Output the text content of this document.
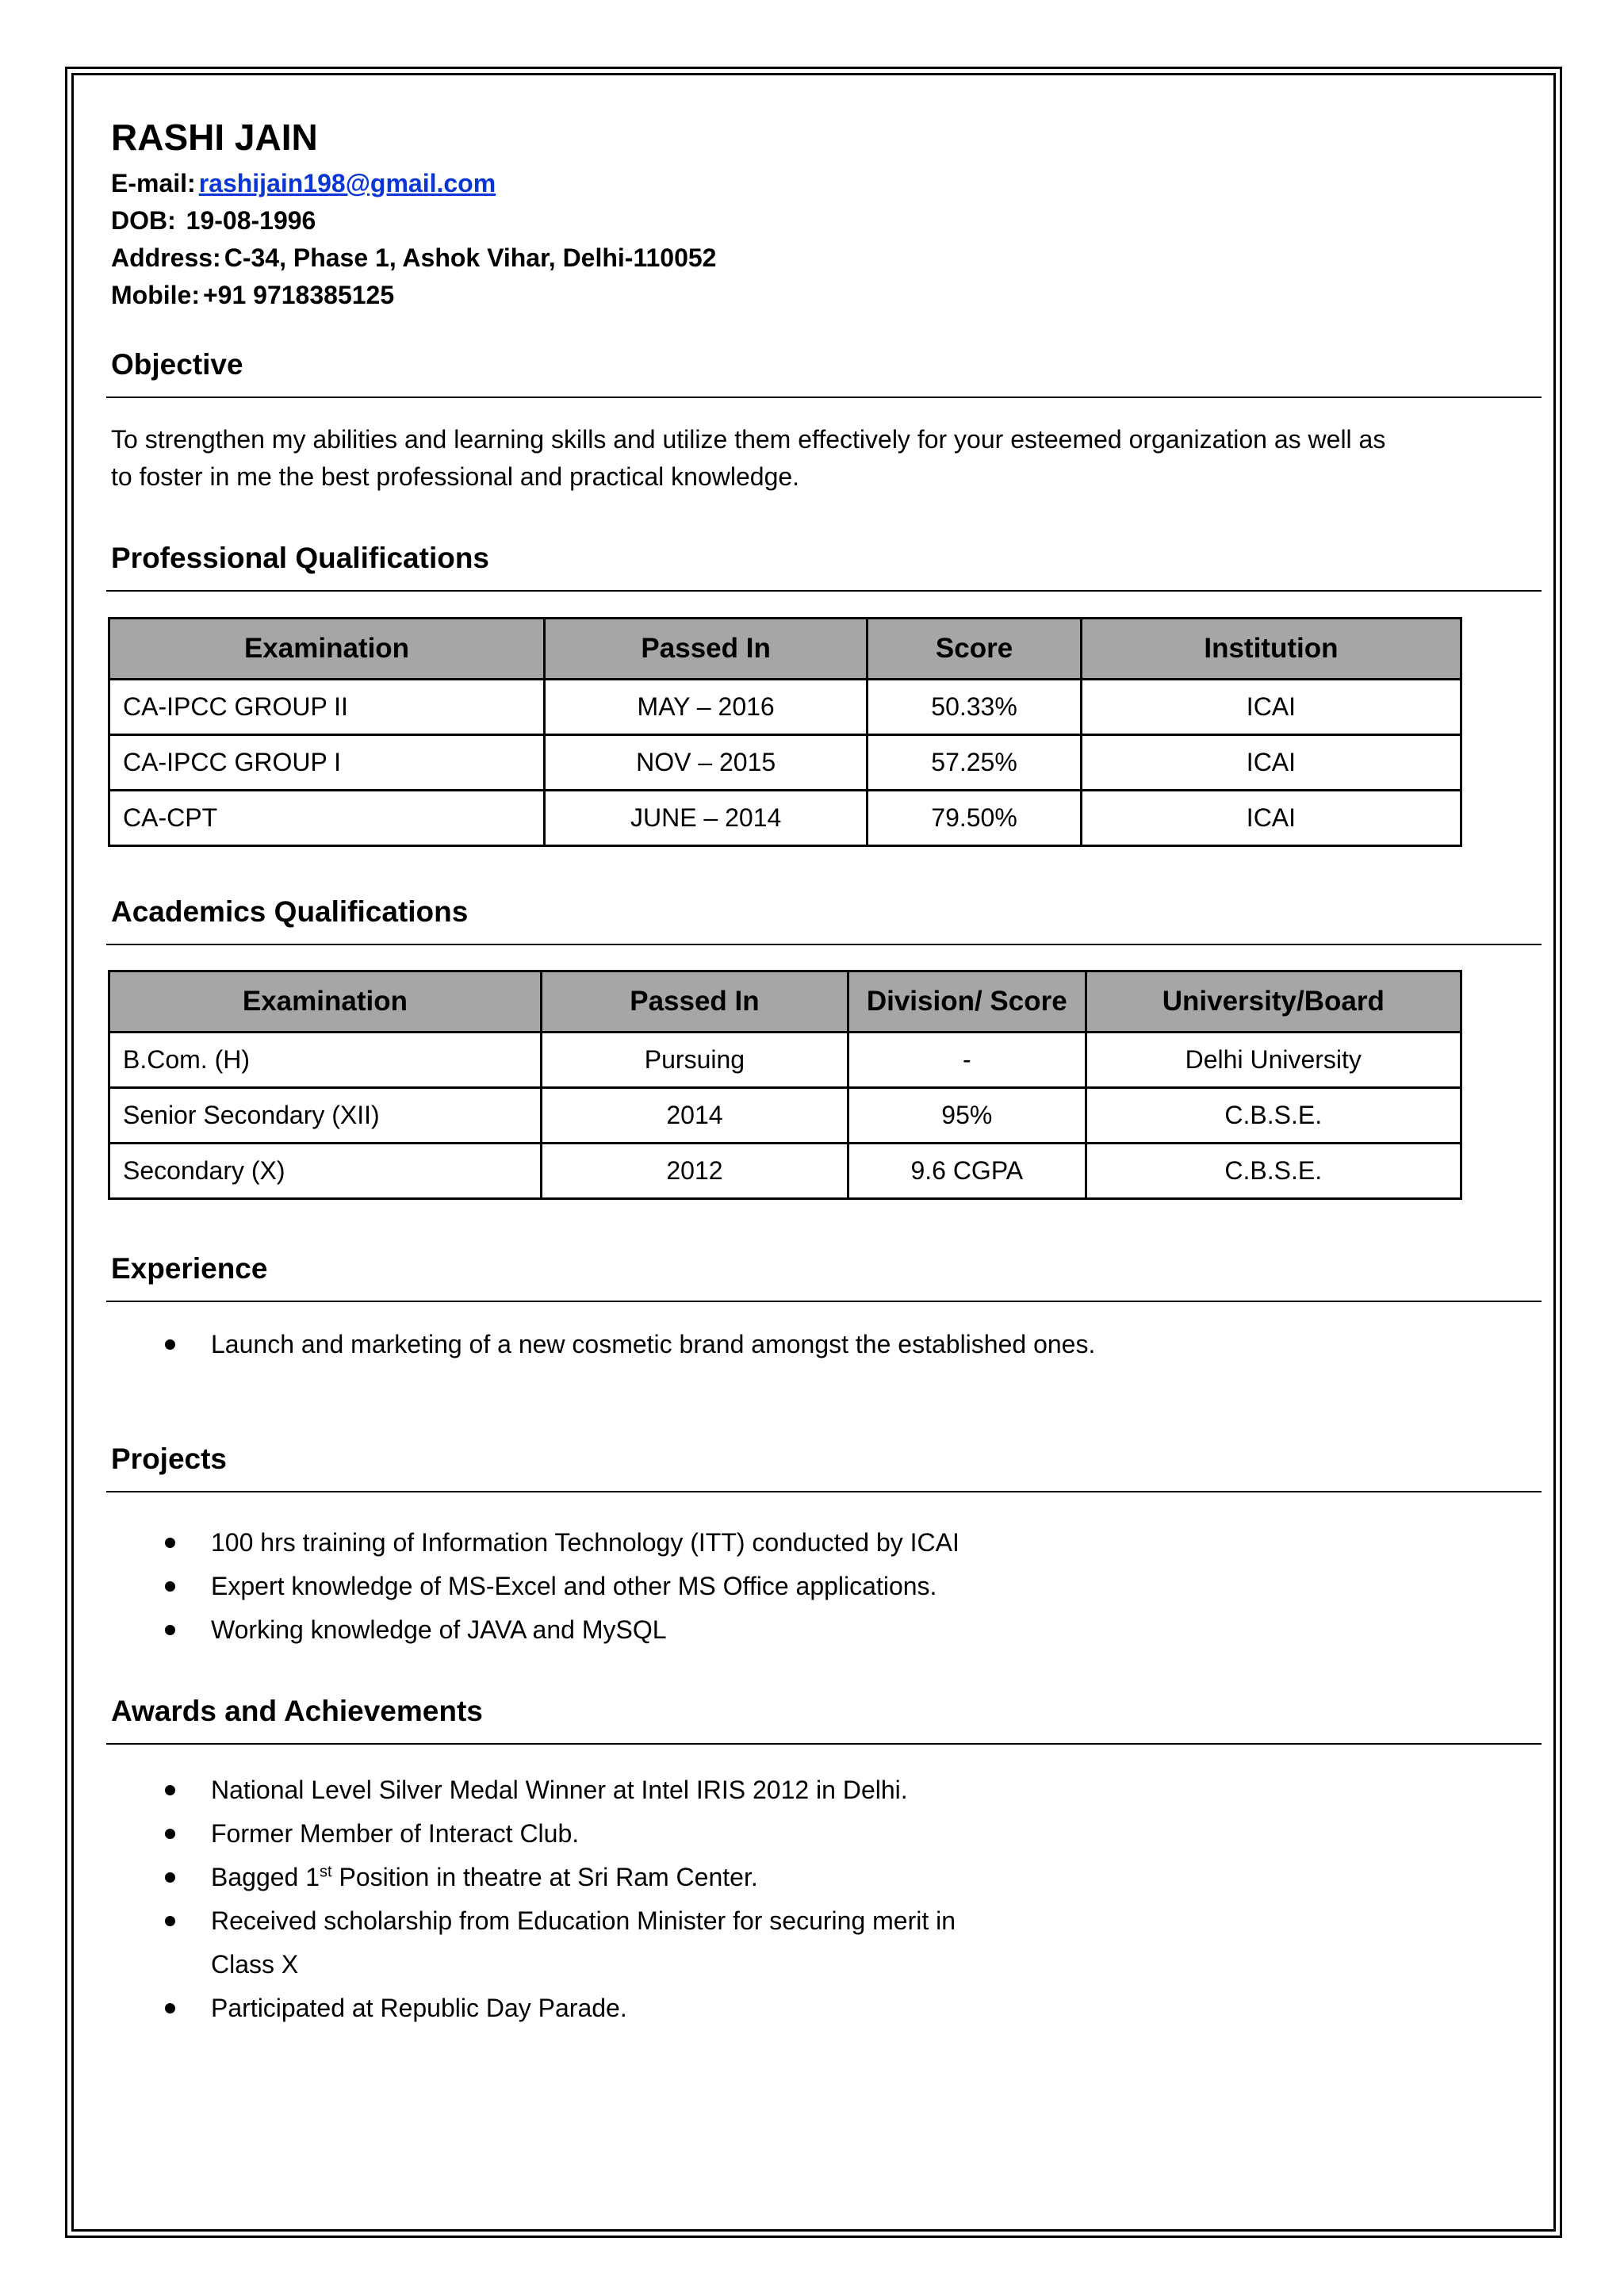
RASHI JAIN
E-mail: rashijain198@gmail.com
DOB: 19-08-1996
Address: C-34, Phase 1, Ashok Vihar, Delhi-110052
Mobile: +91 9718385125
Objective
To strengthen my abilities and learning skills and utilize them effectively for your esteemed organization as well as
to foster in me the best professional and practical knowledge.
Professional Qualifications
Examination	Passed In	Score	Institution
CA-IPCC GROUP II	MAY – 2016	50.33%	ICAI
CA-IPCC GROUP I	NOV – 2015	57.25%	ICAI
CA-CPT	JUNE – 2014	79.50%	ICAI
Academics Qualifications
Examination	Passed In	Division/ Score	University/Board
B.Com. (H)	Pursuing	-	Delhi University
Senior Secondary (XII)	2014	95%	C.B.S.E.
Secondary (X)	2012	9.6 CGPA	C.B.S.E.
Experience
Launch and marketing of a new cosmetic brand amongst the established ones.
Projects
100 hrs training of Information Technology (ITT) conducted by ICAI
Expert knowledge of MS-Excel and other MS Office applications.
Working knowledge of JAVA and MySQL
Awards and Achievements
National Level Silver Medal Winner at Intel IRIS 2012 in Delhi.
Former Member of Interact Club.
Bagged 1st Position in theatre at Sri Ram Center.
Received scholarship from Education Minister for securing merit in
Class X
Participated at Republic Day Parade.
